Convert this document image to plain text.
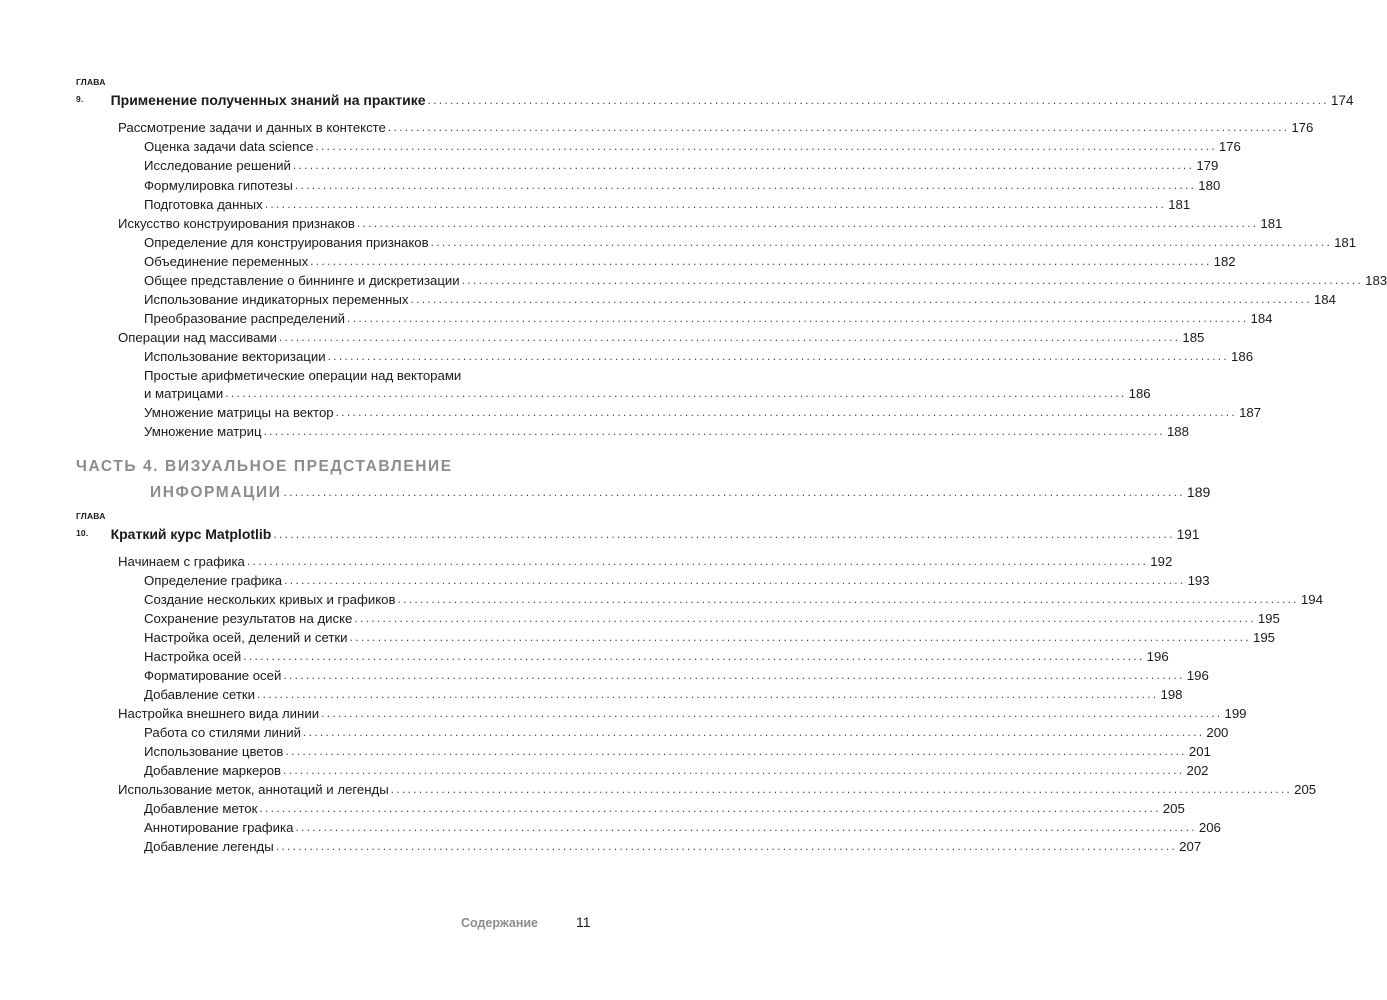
ГЛАВА 9.	Применение полученных знаний на практике ................................................................................................................................................................ 174
Рассмотрение задачи и данных в контексте ................................................................................................................................................................ 176
Оценка задачи data science ................................................................................................................................................................ 176
Исследование решений ................................................................................................................................................................ 179
Формулировка гипотезы ................................................................................................................................................................ 180
Подготовка данных ................................................................................................................................................................ 181
Искусство конструирования признаков ................................................................................................................................................................ 181
Определение для конструирования признаков ................................................................................................................................................................ 181
Объединение переменных ................................................................................................................................................................ 182
Общее представление о биннинге и дискретизации ................................................................................................................................................................ 183
Использование индикаторных переменных ................................................................................................................................................................ 184
Преобразование распределений ................................................................................................................................................................ 184
Операции над массивами ................................................................................................................................................................ 185
Использование векторизации ................................................................................................................................................................ 186
Простые арифметические операции над векторами
и матрицами ................................................................................................................................................................ 186
Умножение матрицы на вектор ................................................................................................................................................................ 187
Умножение матриц ................................................................................................................................................................ 188
ЧАСТЬ 4. ВИЗУАЛЬНОЕ ПРЕДСТАВЛЕНИЕ
ИНФОРМАЦИИ ................................................................................................................................................................ 189
ГЛАВА 10.	Краткий курс Matplotlib ................................................................................................................................................................ 191
Начинаем с графика ................................................................................................................................................................ 192
Определение графика ................................................................................................................................................................ 193
Создание нескольких кривых и графиков ................................................................................................................................................................ 194
Сохранение результатов на диске ................................................................................................................................................................ 195
Настройка осей, делений и сетки ................................................................................................................................................................ 195
Настройка осей ................................................................................................................................................................ 196
Форматирование осей ................................................................................................................................................................ 196
Добавление сетки ................................................................................................................................................................ 198
Настройка внешнего вида линии ................................................................................................................................................................ 199
Работа со стилями линий ................................................................................................................................................................ 200
Использование цветов ................................................................................................................................................................ 201
Добавление маркеров ................................................................................................................................................................ 202
Использование меток, аннотаций и легенды ................................................................................................................................................................ 205
Добавление меток ................................................................................................................................................................ 205
Аннотирование графика ................................................................................................................................................................ 206
Добавление легенды ................................................................................................................................................................ 207
Содержание	11
